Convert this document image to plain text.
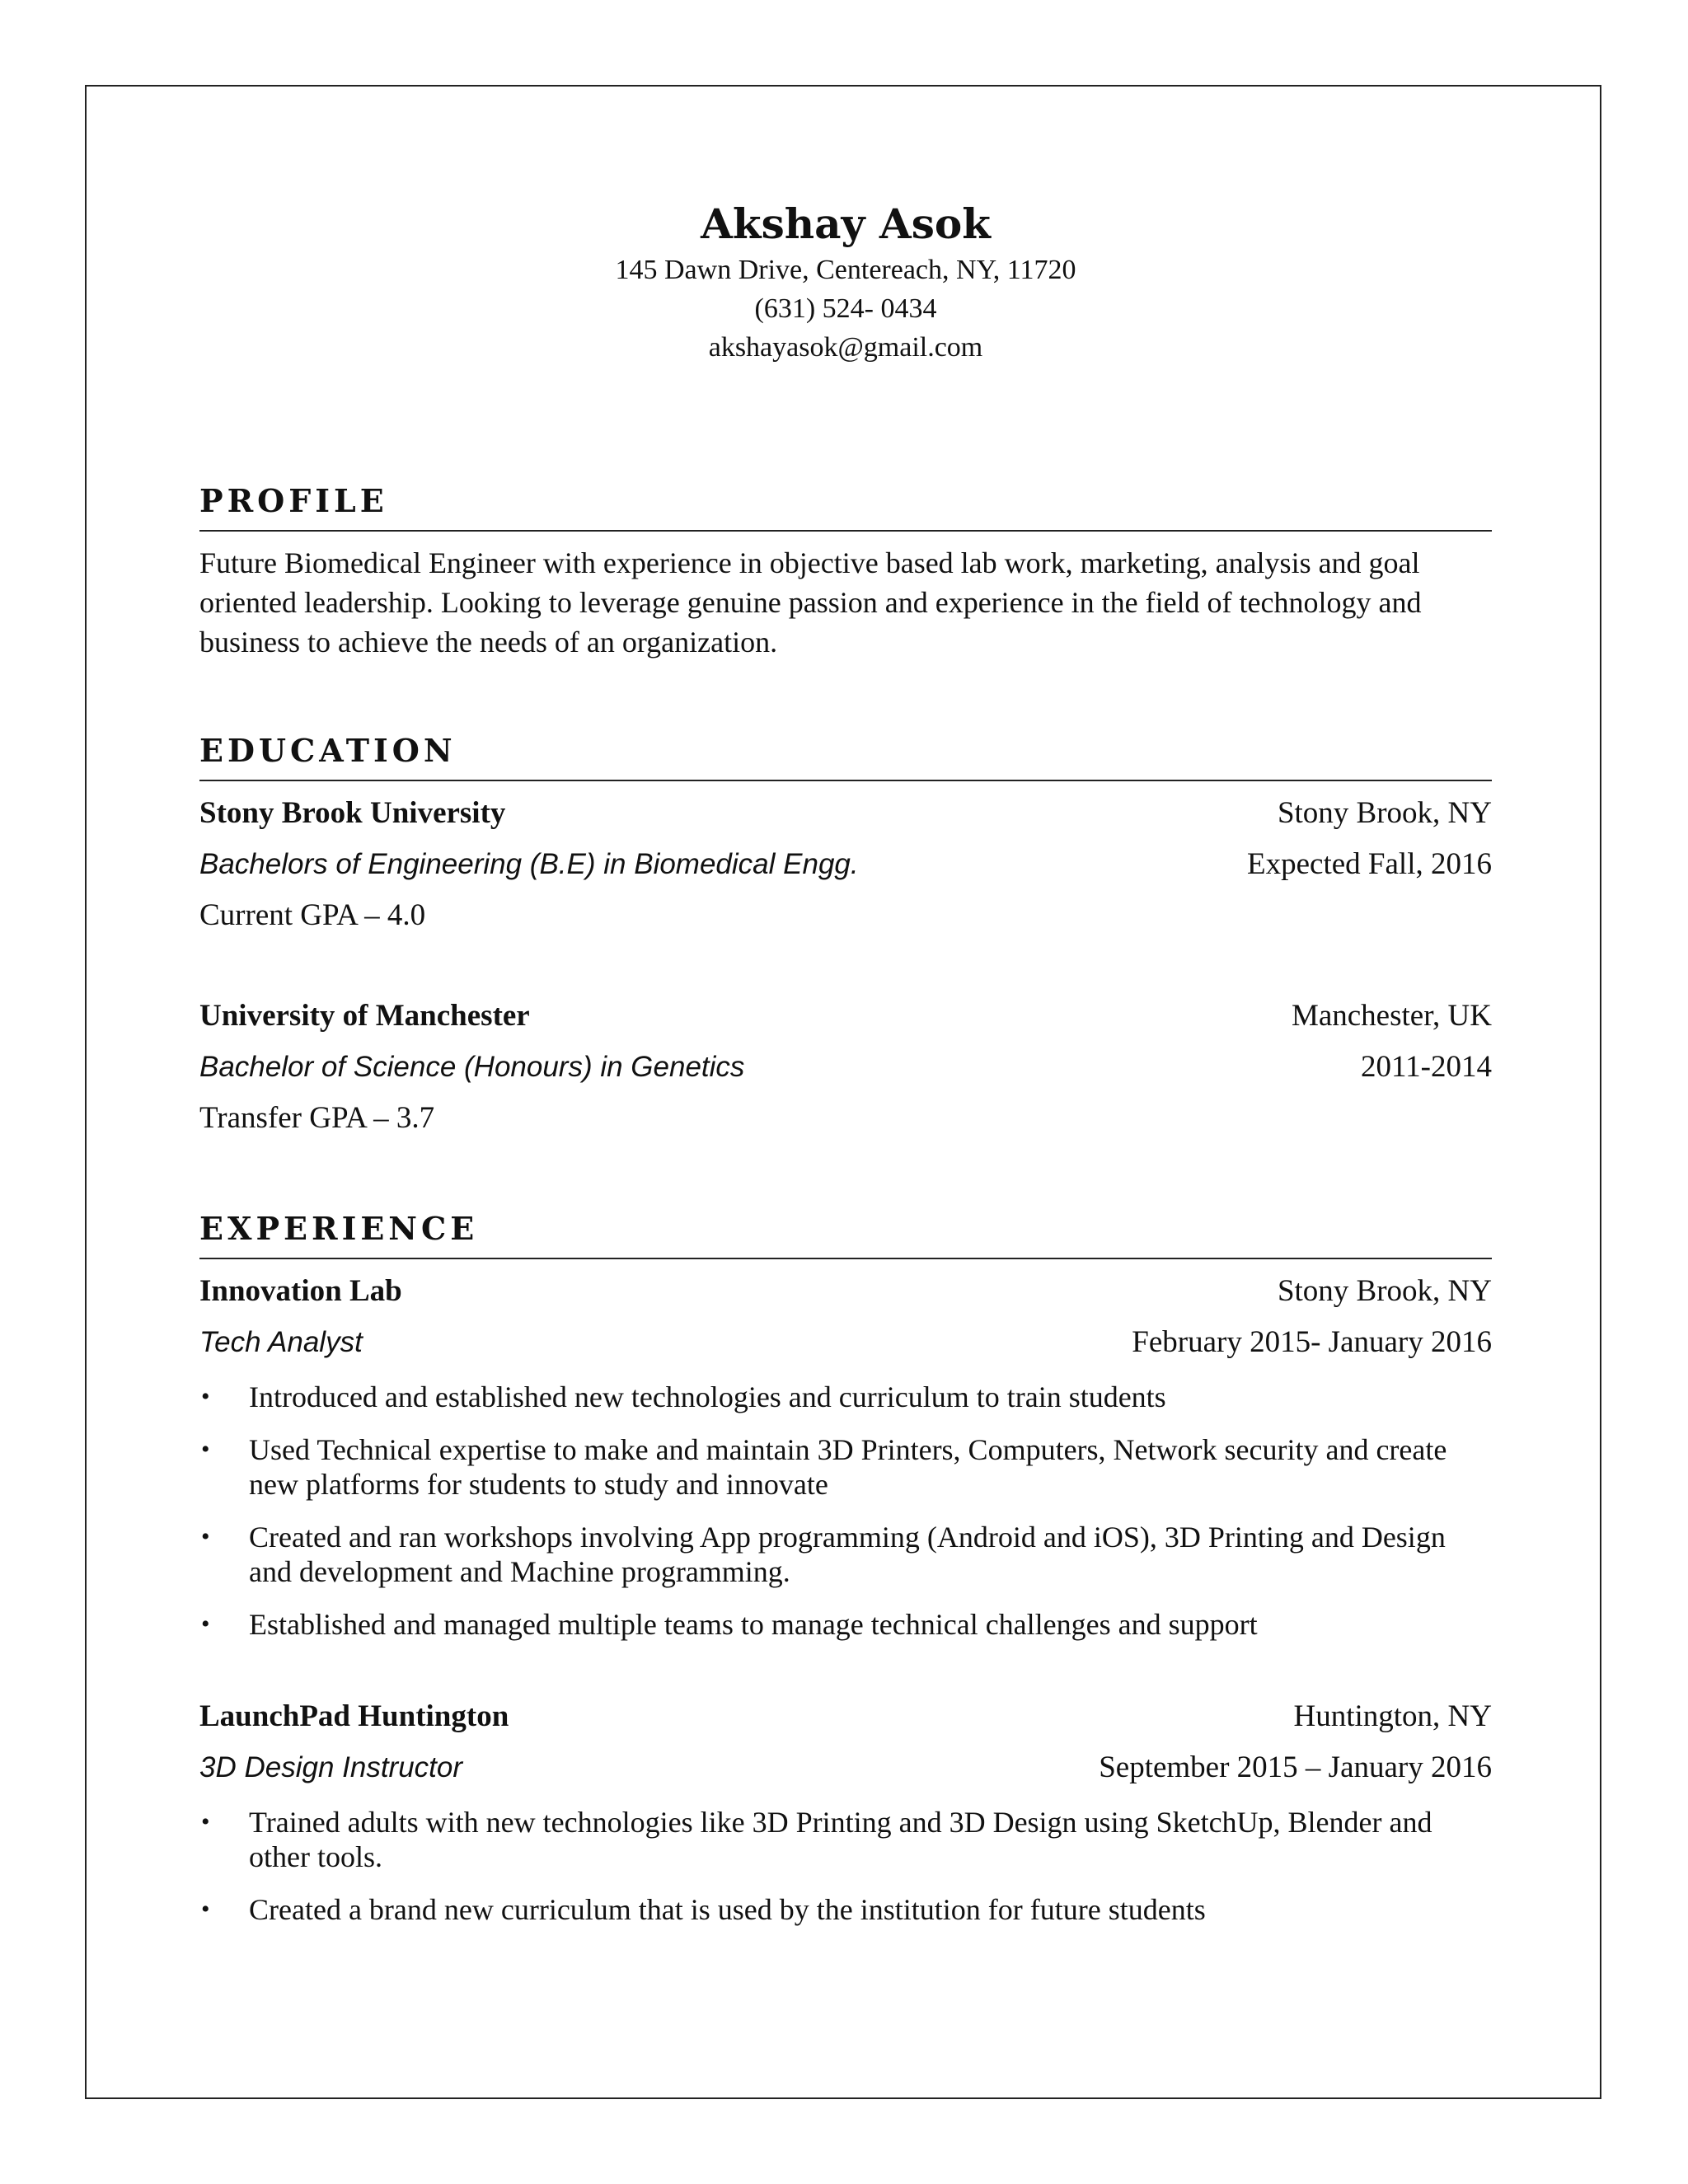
Akshay Asok

145 Dawn Drive, Centereach, NY, 11720

(631) 524- 0434

akshayasok@gmail.com

PROFILE

Future Biomedical Engineer with experience in objective based lab work, marketing, analysis and goal oriented leadership. Looking to leverage genuine passion and experience in the field of technology and business to achieve the needs of an organization.

EDUCATION
Stony Brook University	Stony Brook, NY
Bachelors of Engineering (B.E) in Biomedical Engg.	Expected Fall, 2016
Current GPA – 4.0
University of Manchester	Manchester, UK
Bachelor of Science (Honours) in Genetics	2011-2014
Transfer GPA – 3.7
EXPERIENCE
Innovation Lab	Stony Brook, NY
Tech Analyst	February 2015- January 2016
• Introduced and established new technologies and curriculum to train students
• Used Technical expertise to make and maintain 3D Printers, Computers, Network security and create new platforms for students to study and innovate
• Created and ran workshops involving App programming (Android and iOS), 3D Printing and Design and development and Machine programming.
• Established and managed multiple teams to manage technical challenges and support
LaunchPad Huntington	Huntington, NY
3D Design Instructor	September 2015 – January 2016
• Trained adults with new technologies like 3D Printing and 3D Design using SketchUp, Blender and other tools.
• Created a brand new curriculum that is used by the institution for future students
